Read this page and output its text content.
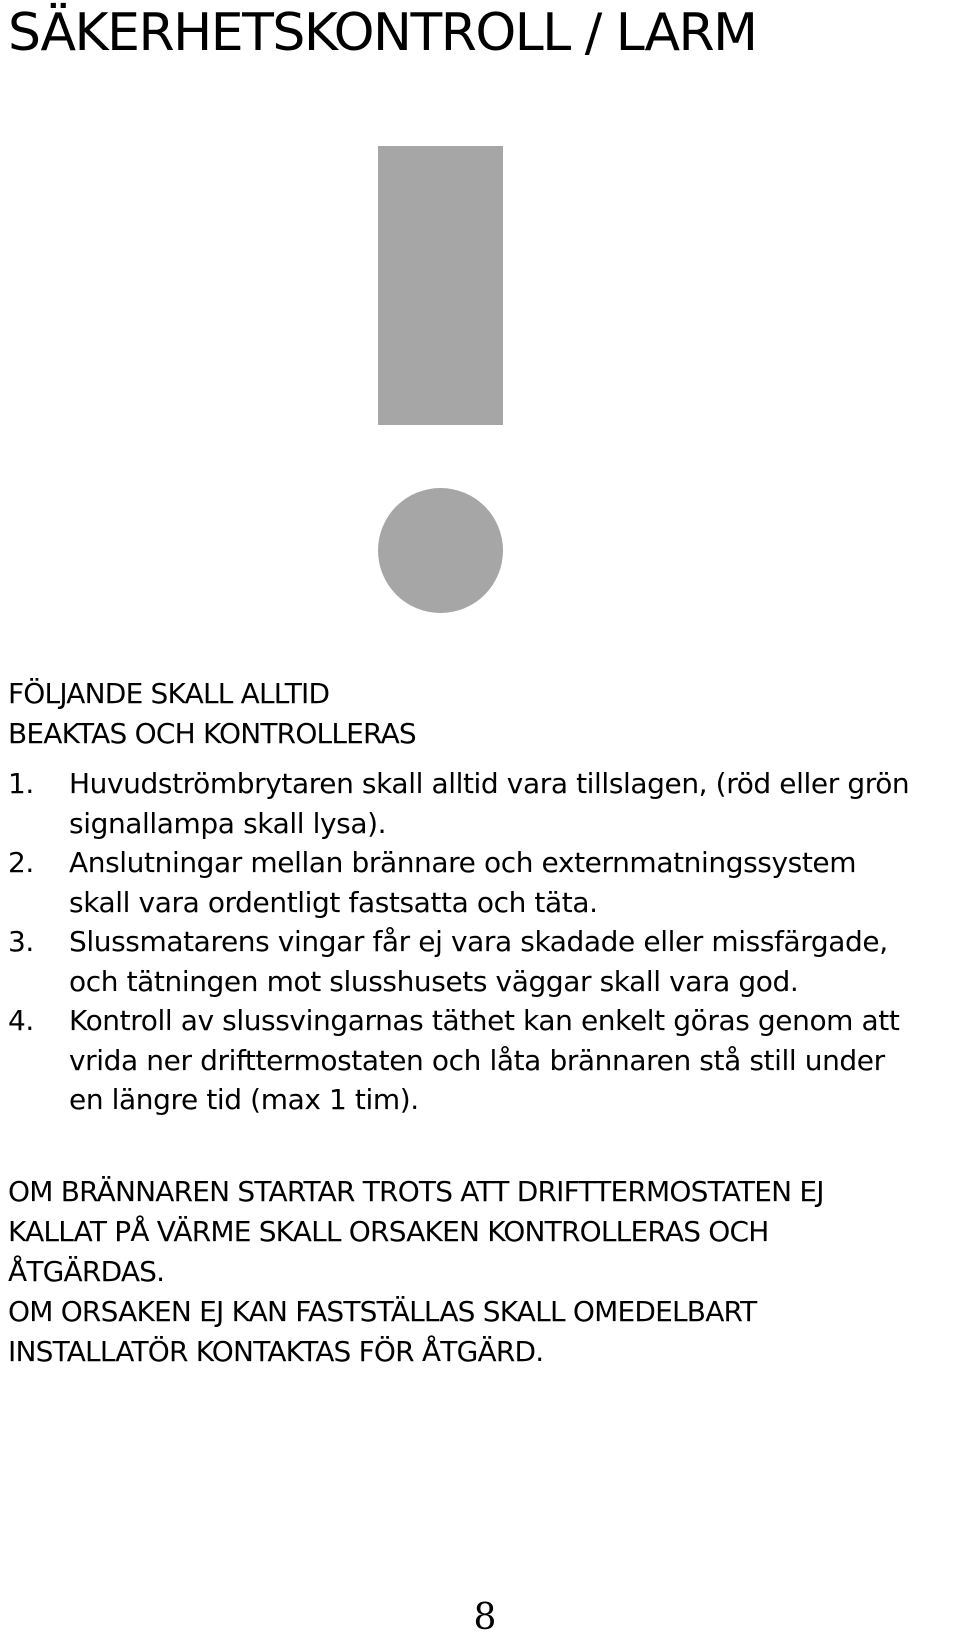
SÄKERHETSKONTROLL / LARM
FÖLJANDE SKALL ALLTID
BEAKTAS OCH KONTROLLERAS
1. Huvudströmbrytaren skall alltid vara tillslagen, (röd eller grön
signallampa skall lysa).
2. Anslutningar mellan brännare och externmatningssystem
skall vara ordentligt fastsatta och täta.
3. Slussmatarens vingar får ej vara skadade eller missfärgade,
och tätningen mot slusshusets väggar skall vara god.
4. Kontroll av slussvingarnas täthet kan enkelt göras genom att
vrida ner drifttermostaten och låta brännaren stå still under
en längre tid (max 1 tim).
OM BRÄNNAREN STARTAR TROTS ATT DRIFTTERMOSTATEN EJ
KALLAT PÅ VÄRME SKALL ORSAKEN KONTROLLERAS OCH
ÅTGÄRDAS.
OM ORSAKEN EJ KAN FASTSTÄLLAS SKALL OMEDELBART
INSTALLATÖR KONTAKTAS FÖR ÅTGÄRD.
8
